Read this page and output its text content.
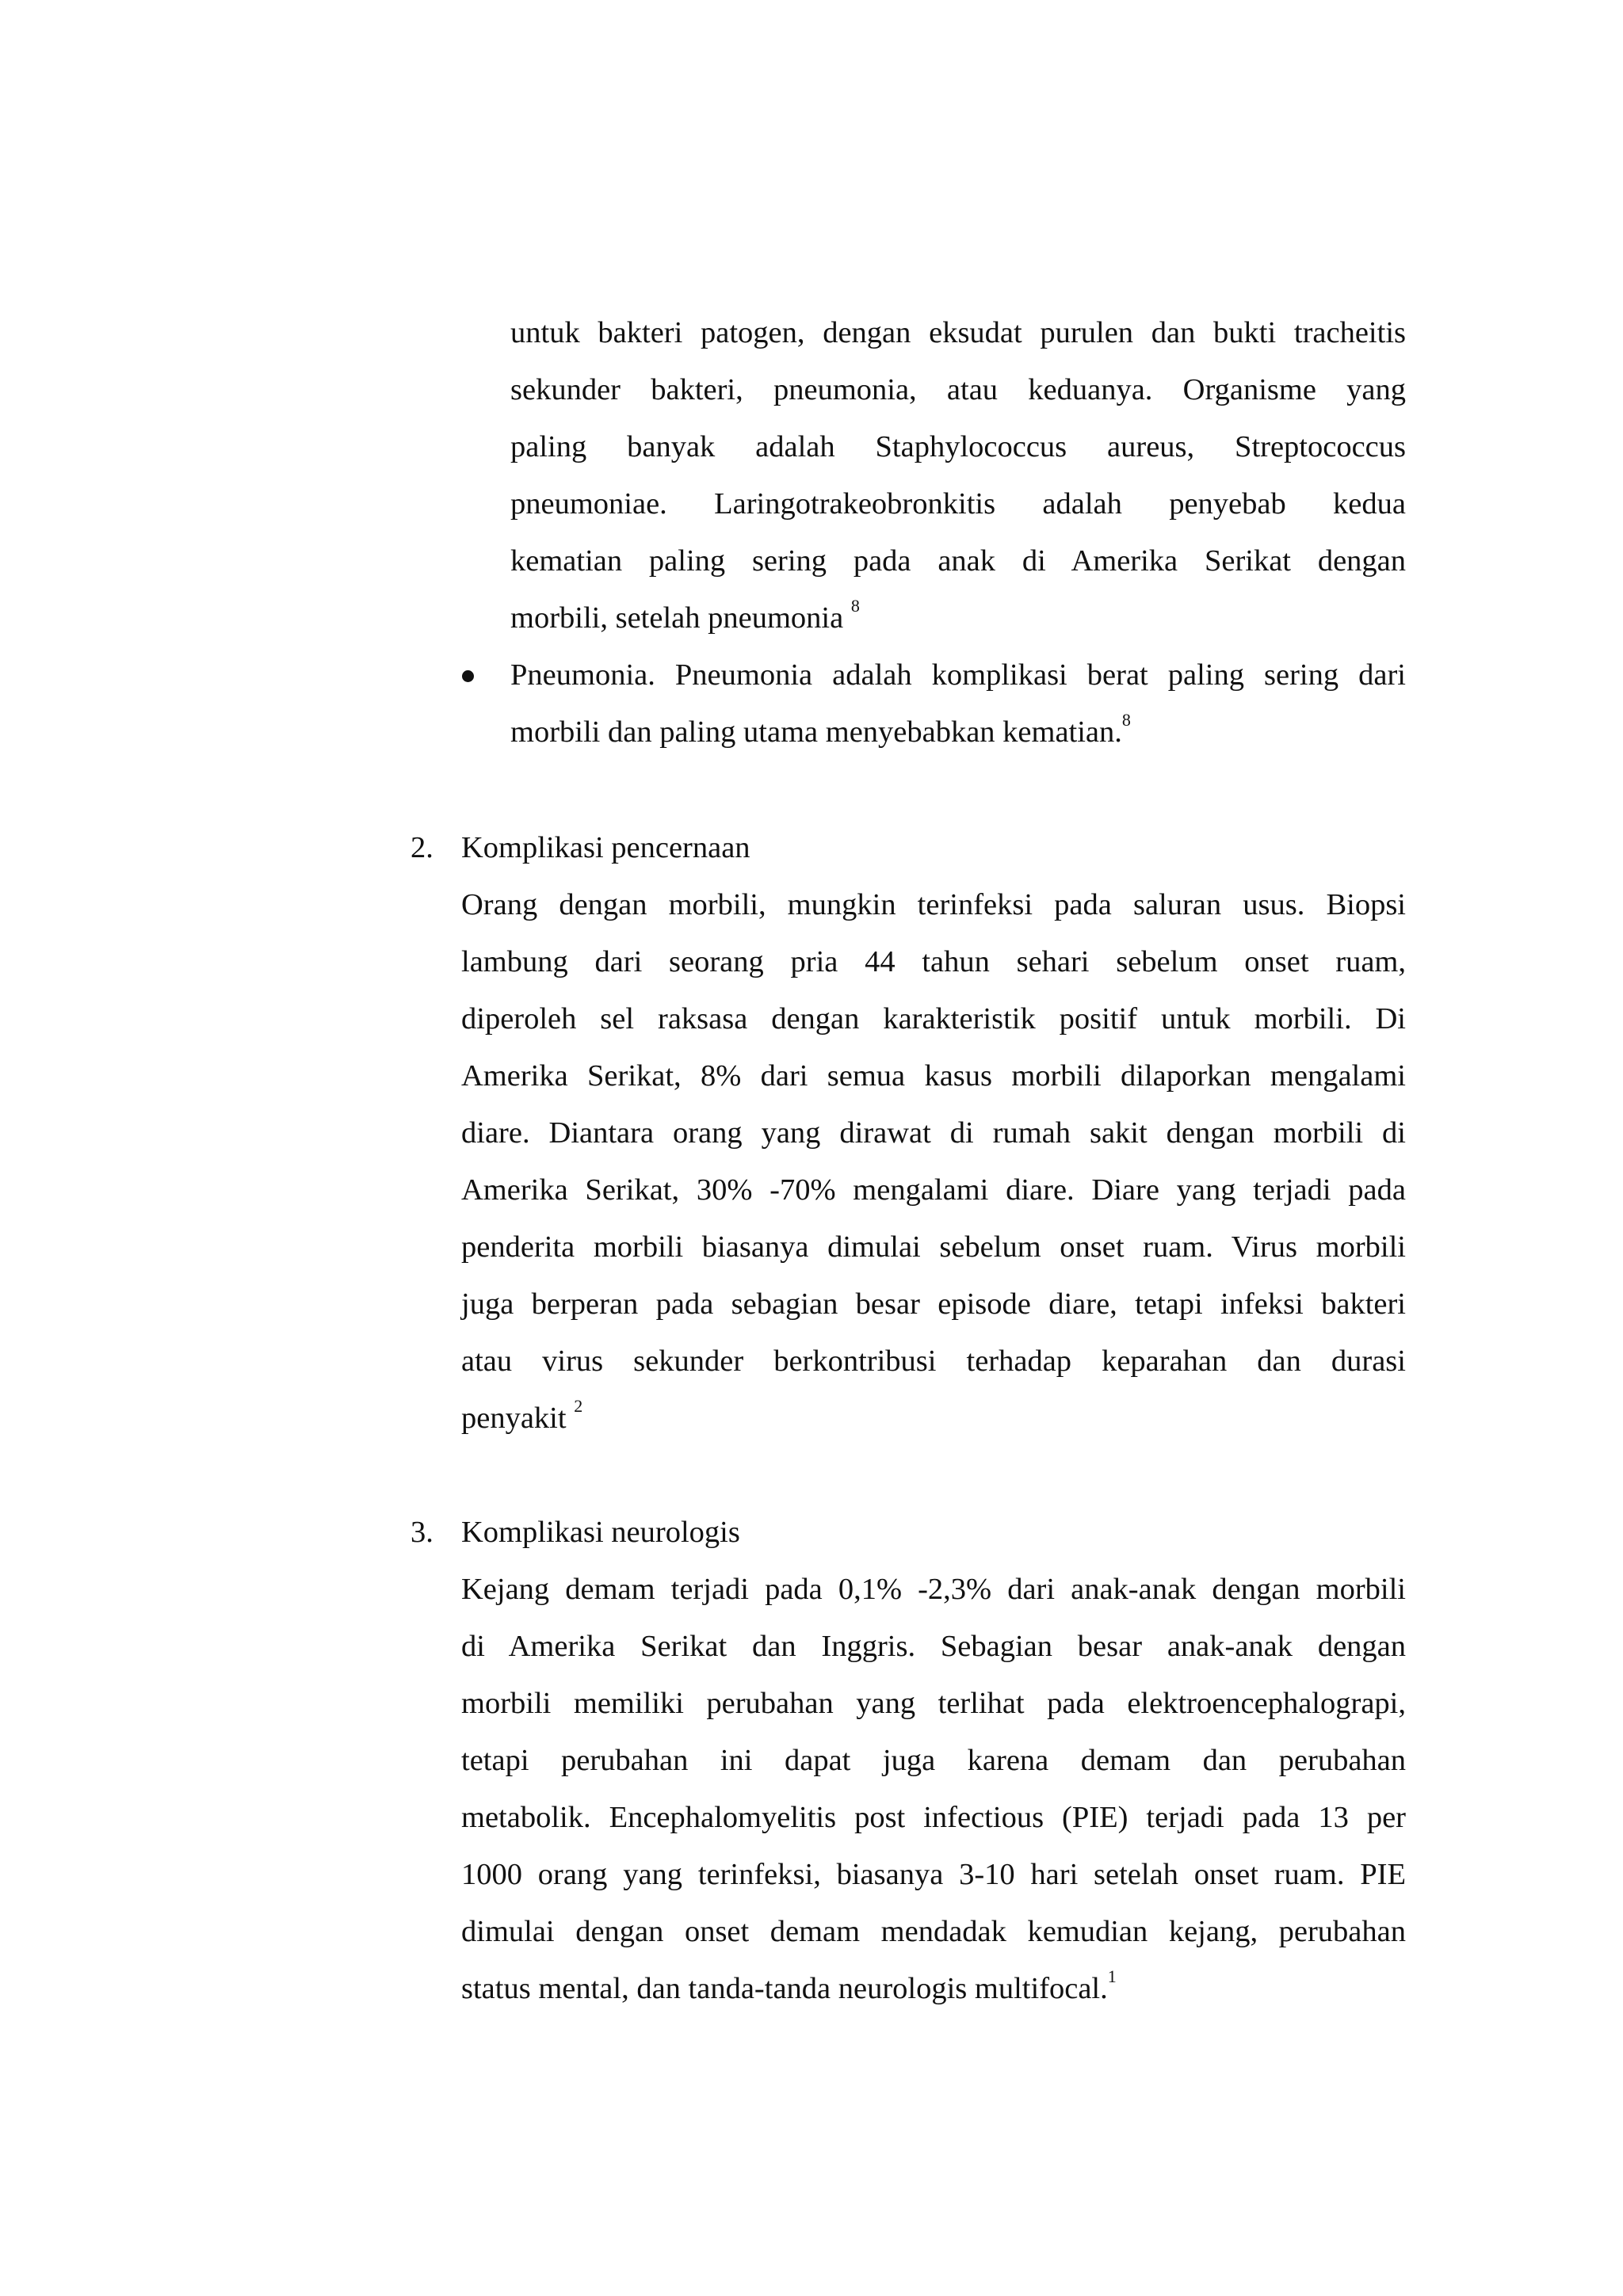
untuk bakteri patogen, dengan eksudat purulen dan bukti tracheitis
sekunder bakteri, pneumonia, atau keduanya. Organisme yang
paling banyak adalah Staphylococcus aureus, Streptococcus
pneumoniae. Laringotrakeobronkitis adalah penyebab kedua
kematian paling sering pada anak di Amerika Serikat dengan
morbili, setelah pneumonia $^8$
Pneumonia. Pneumonia adalah komplikasi berat paling sering dari
morbili dan paling utama menyebabkan kematian.$^8$
2. Komplikasi pencernaan
Orang dengan morbili, mungkin terinfeksi pada saluran usus. Biopsi
lambung dari seorang pria 44 tahun sehari sebelum onset ruam,
diperoleh sel raksasa dengan karakteristik positif untuk morbili. Di
Amerika Serikat, 8% dari semua kasus morbili dilaporkan mengalami
diare. Diantara orang yang dirawat di rumah sakit dengan morbili di
Amerika Serikat, 30% -70% mengalami diare. Diare yang terjadi pada
penderita morbili biasanya dimulai sebelum onset ruam. Virus morbili
juga berperan pada sebagian besar episode diare, tetapi infeksi bakteri
atau virus sekunder berkontribusi terhadap keparahan dan durasi
penyakit $^2$
3. Komplikasi neurologis
Kejang demam terjadi pada 0,1% -2,3% dari anak-anak dengan morbili
di Amerika Serikat dan Inggris. Sebagian besar anak-anak dengan
morbili memiliki perubahan yang terlihat pada elektroencephalograpi,
tetapi perubahan ini dapat juga karena demam dan perubahan
metabolik. Encephalomyelitis post infectious (PIE) terjadi pada 13 per
1000 orang yang terinfeksi, biasanya 3-10 hari setelah onset ruam. PIE
dimulai dengan onset demam mendadak kemudian kejang, perubahan
status mental, dan tanda-tanda neurologis multifocal.$^1$
